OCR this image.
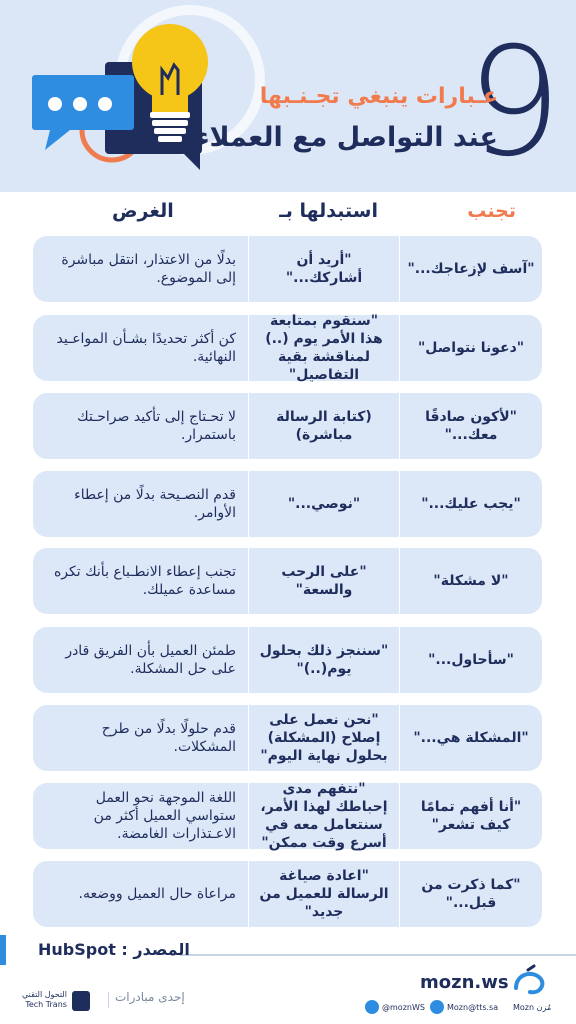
9
عـبارات ينبغي تجـنـبها
عند التواصل مع العملاء
تجنب
استبدلها بـ
الغرض
"آسف لإزعاجك..."
"أريد أن أشاركك..."
بدلًا من الاعتذار، انتقل مباشرة إلى الموضوع.
"دعونا نتواصل"
"سنقوم بمتابعة هذا الأمر يوم (..) لمناقشة بقية التفاصيل"
كن أكثر تحديدًا بشـأن المواعـيد النهائية.
"لأكون صادقًا معك..."
(كتابة الرسالة مباشرة)
لا تحـتاج إلى تأكيد صراحـتك باستمرار.
"يجب عليك..."
"نوصي..."
قدم النصـيحة بدلًا من إعطاء الأوامر.
"لا مشكلة"
"على الرحب والسعة"
تجنب إعطاء الانطـباع بأنك تكره مساعدة عميلك.
"سأحاول..."
"سننجز ذلك بحلول يوم(..)"
طمئن العميل بأن الفريق قادر على حل المشكلة.
"المشكلة هي..."
"نحن نعمل على إصلاح (المشكلة) بحلول نهاية اليوم"
قدم حلولًا بدلًا من طرح المشكلات.
"أنا أفهم تمامًا كيف تشعر"
"نتفهم مدى إحباطك لهذا الأمر، سنتعامل معه في أسرع وقت ممكن"
اللغة الموجهة نحو العمل ستواسي العميل أكثر من الاعـتذارات الغامضة.
"كما ذكرت من قبل..."
"اعادة صياغة الرسالة للعميل من جديد"
مراعاة حال العميل ووضعه.
المصدر : HubSpot
التحول التقني
Tech Trans
إحدى مبادرات
mozn.ws
@moznWS	Mozn@tts.sa Mozn مُزن
